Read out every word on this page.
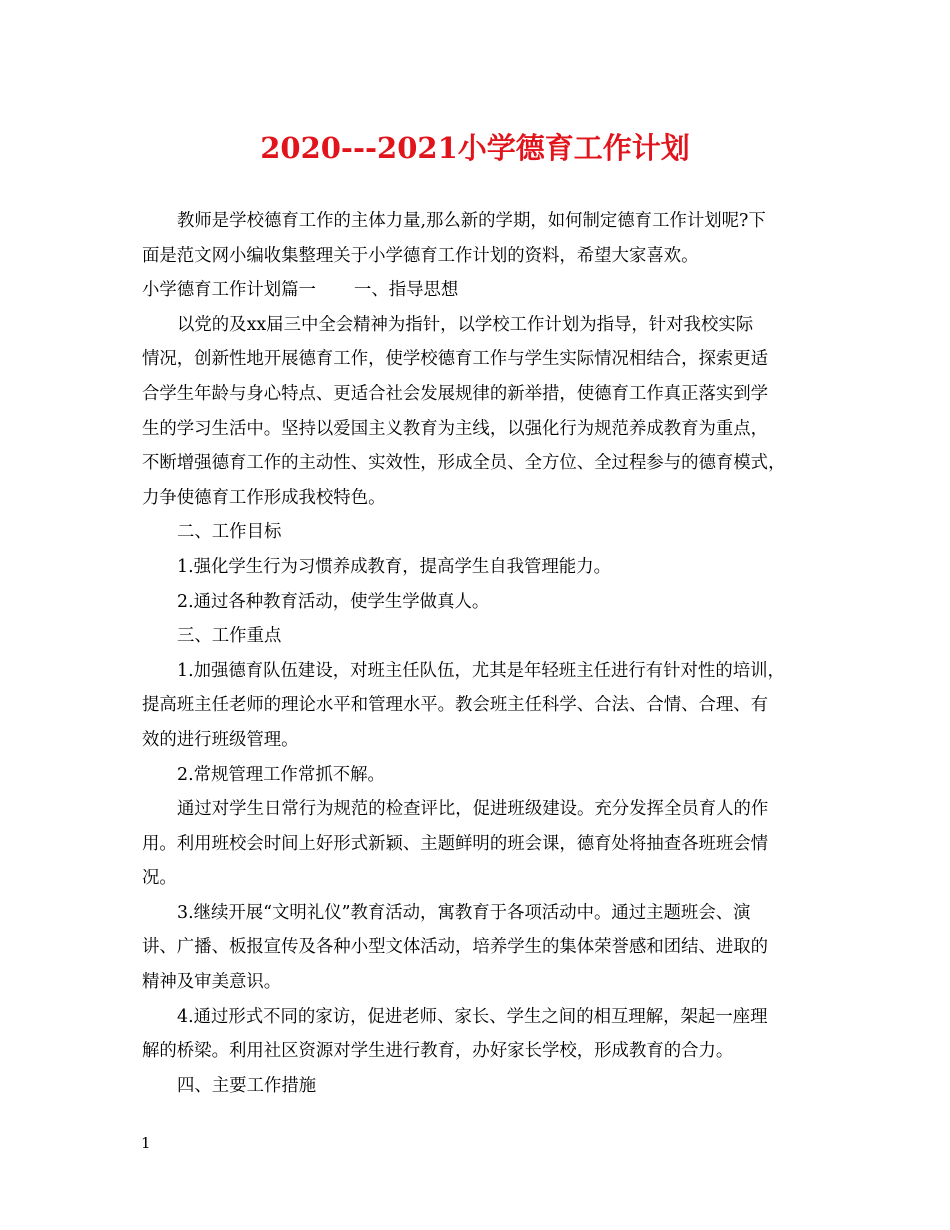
2020---2021小学德育工作计划

教师是学校德育工作的主体力量,那么新的学期，如何制定德育工作计划呢?下

面是范文网小编收集整理关于小学德育工作计划的资料，希望大家喜欢。

小学德育工作计划篇一 一、指导思想

以党的及xx届三中全会精神为指针，以学校工作计划为指导，针对我校实际

情况，创新性地开展德育工作，使学校德育工作与学生实际情况相结合，探索更适

合学生年龄与身心特点、更适合社会发展规律的新举措，使德育工作真正落实到学

生的学习生活中。坚持以爱国主义教育为主线，以强化行为规范养成教育为重点，

不断增强德育工作的主动性、实效性，形成全员、全方位、全过程参与的德育模式，

力争使德育工作形成我校特色。

二、工作目标

1.强化学生行为习惯养成教育，提高学生自我管理能力。

2.通过各种教育活动，使学生学做真人。

三、工作重点

1.加强德育队伍建设，对班主任队伍，尤其是年轻班主任进行有针对性的培训，

提高班主任老师的理论水平和管理水平。教会班主任科学、合法、合情、合理、有

效的进行班级管理。

2.常规管理工作常抓不解。

通过对学生日常行为规范的检查评比，促进班级建设。充分发挥全员育人的作

用。利用班校会时间上好形式新颖、主题鲜明的班会课，德育处将抽查各班班会情

况。

3.继续开展“文明礼仪”教育活动，寓教育于各项活动中。通过主题班会、演

讲、广播、板报宣传及各种小型文体活动，培养学生的集体荣誉感和团结、进取的

精神及审美意识。

4.通过形式不同的家访，促进老师、家长、学生之间的相互理解，架起一座理

解的桥梁。利用社区资源对学生进行教育，办好家长学校，形成教育的合力。

四、主要工作措施

1
